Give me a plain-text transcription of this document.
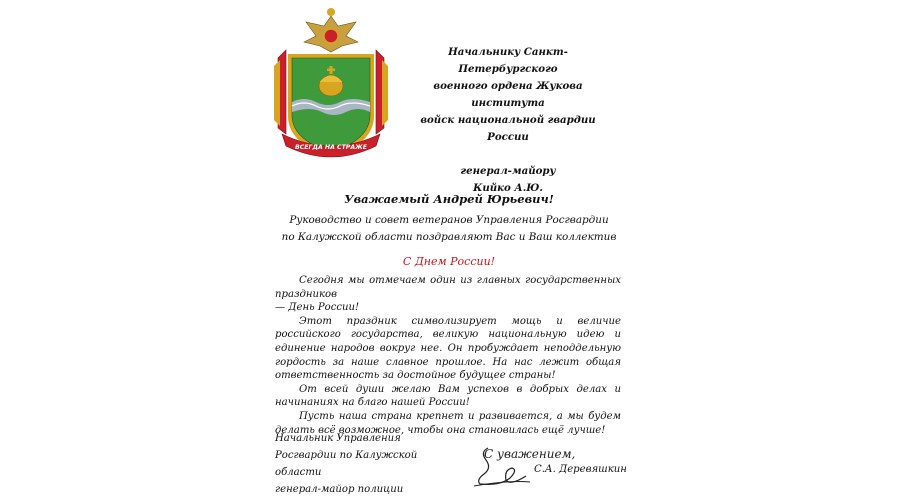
ВСЕГДА НА СТРАЖЕ
Начальнику Санкт-Петербургского
военного ордена Жукова института
войск национальной гвардии России
генерал-майору
Кийко А.Ю.
Уважаемый Андрей Юрьевич!
Руководство и совет ветеранов Управления Росгвардии
по Калужской области поздравляют Вас и Ваш коллектив
С Днем России!

Сегодня мы отмечаем один из главных государственных праздников

— День России!

Этот праздник символизирует мощь и величие российского государства, великую национальную идею и единение народов вокруг нее. Он пробуждает неподдельную гордость за наше славное прошлое. На нас лежит общая ответственность за достойное будущее страны!

От всей души желаю Вам успехов в добрых делах и начинаниях на благо нашей России!

Пусть наша страна крепнет и развивается, а мы будем делать всё возможное, чтобы она становилась ещё лучше!

Начальник Управления
Росгвардии по Калужской области
генерал-майор полиции
С уважением,
С.А. Деревяшкин
